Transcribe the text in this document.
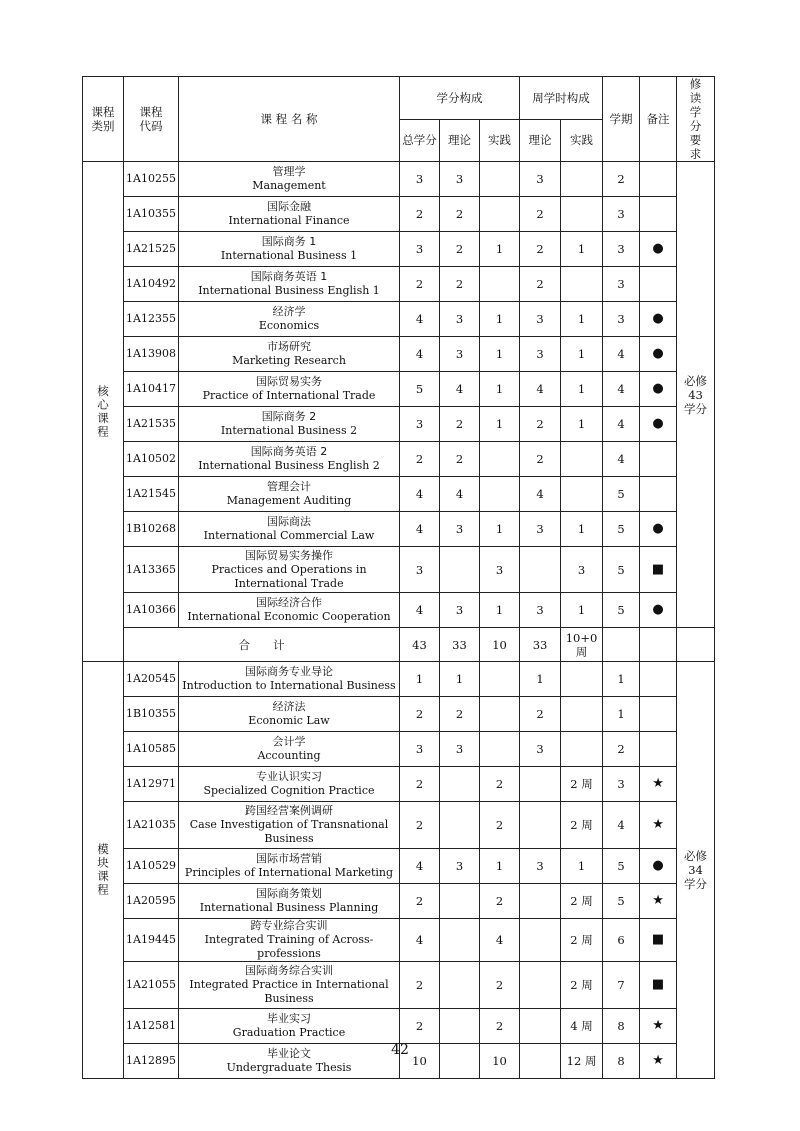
课程类别	课程代码	课 程 名 称	学分构成			周学时构成		学期	备注	修读学分要求
			总学分	理论	实践	理论	实践			

核心课程	1A10255	管理学
Management	3	3		3		2		必修43学分
	1A10355	国际金融
International Finance	2	2		2		3		
	1A21525	国际商务 1
International Business 1	3	2	1	2	1	3	●	
	1A10492	国际商务英语 1
International Business English 1	2	2		2		3		
	1A12355	经济学
Economics	4	3	1	3	1	3	●	
	1A13908	市场研究
Marketing Research	4	3	1	3	1	4	●	
	1A10417	国际贸易实务
Practice of International Trade	5	4	1	4	1	4	●	
	1A21535	国际商务 2
International Business 2	3	2	1	2	1	4	●	
	1A10502	国际商务英语 2
International Business English 2	2	2		2		4		
	1A21545	管理会计
Management Auditing	4	4		4		5		
	1B10268	国际商法
International Commercial Law	4	3	1	3	1	5	●	
	1A13365	国际贸易实务操作
Practices and Operations in International Trade	3		3		3	5	■	
	1A10366	国际经济合作
International Economic Cooperation	4	3	1	3	1	5	●	
	合　　计		43	33	10	33	10+0 周			

模块课程	1A20545	国际商务专业导论
Introduction to International Business	1	1		1		1		必修34学分
	1B10355	经济法
Economic Law	2	2		2		1		
	1A10585	会计学
Accounting	3	3		3		2		
	1A12971	专业认识实习
Specialized Cognition Practice	2		2		2 周	3	★	
	1A21035	跨国经营案例调研
Case Investigation of Transnational Business	2		2		2 周	4	★	
	1A10529	国际市场营销
Principles of International Marketing	4	3	1	3	1	5	●	
	1A20595	国际商务策划
International Business Planning	2		2		2 周	5	★	
	1A19445	跨专业综合实训
Integrated Training of Across-professions	4		4		2 周	6	■	
	1A21055	国际商务综合实训
Integrated Practice in International Business	2		2		2 周	7	■	
	1A12581	毕业实习
Graduation Practice	2		2		4 周	8	★	
	1A12895	毕业论文
Undergraduate Thesis	10		10		12 周	8	★	
42
